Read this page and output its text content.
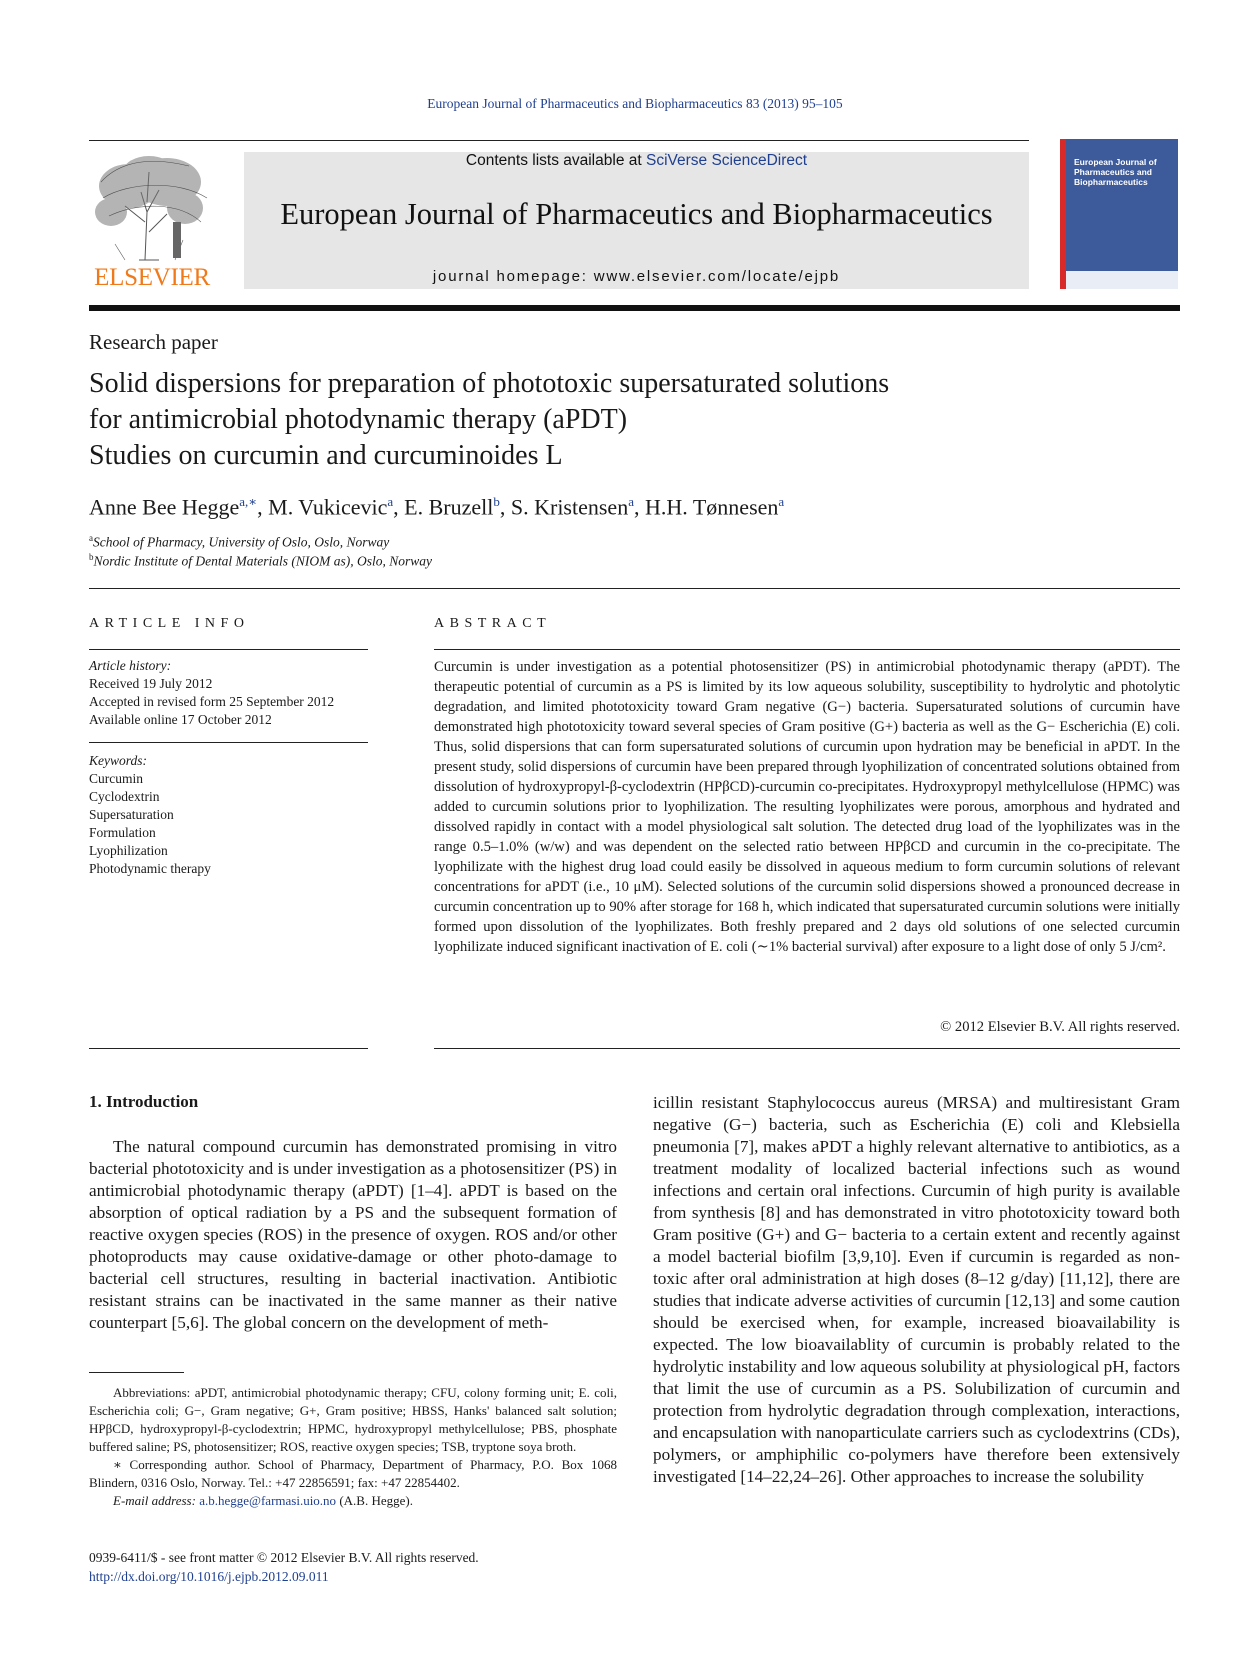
European Journal of Pharmaceutics and Biopharmaceutics 83 (2013) 95–105
ELSEVIER
Contents lists available at SciVerse ScienceDirect
European Journal of Pharmaceutics and Biopharmaceutics
journal homepage: www.elsevier.com/locate/ejpb
European Journal of Pharmaceutics and Biopharmaceutics
Research paper
Solid dispersions for preparation of phototoxic supersaturated solutions
for antimicrobial photodynamic therapy (aPDT)
Studies on curcumin and curcuminoides L
Anne Bee Hegge$^{a,∗}$, M. Vukicevic$^a$, E. Bruzell$^b$, S. Kristensen$^a$, H.H. Tønnesen$^a$
$^a$School of Pharmacy, University of Oslo, Oslo, Norway
$^b$Nordic Institute of Dental Materials (NIOM as), Oslo, Norway
ARTICLE INFO
Article history:
Received 19 July 2012
Accepted in revised form 25 September 2012
Available online 17 October 2012
Keywords:
Curcumin
Cyclodextrin
Supersaturation
Formulation
Lyophilization
Photodynamic therapy
ABSTRACT
Curcumin is under investigation as a potential photosensitizer (PS) in antimicrobial photodynamic therapy (aPDT). The therapeutic potential of curcumin as a PS is limited by its low aqueous solubility, susceptibility to hydrolytic and photolytic degradation, and limited phototoxicity toward Gram negative (G−) bacteria. Supersaturated solutions of curcumin have demonstrated high phototoxicity toward several species of Gram positive (G+) bacteria as well as the G− Escherichia (E) coli. Thus, solid dispersions that can form supersaturated solutions of curcumin upon hydration may be beneficial in aPDT. In the present study, solid dispersions of curcumin have been prepared through lyophilization of concentrated solutions obtained from dissolution of hydroxypropyl-β-cyclodextrin (HPβCD)-curcumin co-precipitates. Hydroxypropyl methylcellulose (HPMC) was added to curcumin solutions prior to lyophilization. The resulting lyophilizates were porous, amorphous and hydrated and dissolved rapidly in contact with a model physiological salt solution. The detected drug load of the lyophilizates was in the range 0.5–1.0% (w/w) and was dependent on the selected ratio between HPβCD and curcumin in the co-precipitate. The lyophilizate with the highest drug load could easily be dissolved in aqueous medium to form curcumin solutions of relevant concentrations for aPDT (i.e., 10 μM). Selected solutions of the curcumin solid dispersions showed a pronounced decrease in curcumin concentration up to 90% after storage for 168 h, which indicated that supersaturated curcumin solutions were initially formed upon dissolution of the lyophilizates. Both freshly prepared and 2 days old solutions of one selected curcumin lyophilizate induced significant inactivation of E. coli (∼1% bacterial survival) after exposure to a light dose of only 5 J/cm².
© 2012 Elsevier B.V. All rights reserved.
1. Introduction
The natural compound curcumin has demonstrated promising in vitro bacterial phototoxicity and is under investigation as a photosensitizer (PS) in antimicrobial photodynamic therapy (aPDT) [1–4]. aPDT is based on the absorption of optical radiation by a PS and the subsequent formation of reactive oxygen species (ROS) in the presence of oxygen. ROS and/or other photoproducts may cause oxidative-damage or other photo-damage to bacterial cell structures, resulting in bacterial inactivation. Antibiotic resistant strains can be inactivated in the same manner as their native counterpart [5,6]. The global concern on the development of meth-
icillin resistant Staphylococcus aureus (MRSA) and multiresistant Gram negative (G−) bacteria, such as Escherichia (E) coli and Klebsiella pneumonia [7], makes aPDT a highly relevant alternative to antibiotics, as a treatment modality of localized bacterial infections such as wound infections and certain oral infections. Curcumin of high purity is available from synthesis [8] and has demonstrated in vitro phototoxicity toward both Gram positive (G+) and G− bacteria to a certain extent and recently against a model bacterial biofilm [3,9,10]. Even if curcumin is regarded as non-toxic after oral administration at high doses (8–12 g/day) [11,12], there are studies that indicate adverse activities of curcumin [12,13] and some caution should be exercised when, for example, increased bioavailability is expected. The low bioavailablity of curcumin is probably related to the hydrolytic instability and low aqueous solubility at physiological pH, factors that limit the use of curcumin as a PS. Solubilization of curcumin and protection from hydrolytic degradation through complexation, interactions, and encapsulation with nanoparticulate carriers such as cyclodextrins (CDs), polymers, or amphiphilic co-polymers have therefore been extensively investigated [14–22,24–26]. Other approaches to increase the solubility

Abbreviations: aPDT, antimicrobial photodynamic therapy; CFU, colony forming unit; E. coli, Escherichia coli; G−, Gram negative; G+, Gram positive; HBSS, Hanks' balanced salt solution; HPβCD, hydroxypropyl-β-cyclodextrin; HPMC, hydroxypropyl methylcellulose; PBS, phosphate buffered saline; PS, photosensitizer; ROS, reactive oxygen species; TSB, tryptone soya broth.

∗ Corresponding author. School of Pharmacy, Department of Pharmacy, P.O. Box 1068 Blindern, 0316 Oslo, Norway. Tel.: +47 22856591; fax: +47 22854402.

E-mail address: a.b.hegge@farmasi.uio.no (A.B. Hegge).

0939-6411/$ - see front matter © 2012 Elsevier B.V. All rights reserved.
http://dx.doi.org/10.1016/j.ejpb.2012.09.011
